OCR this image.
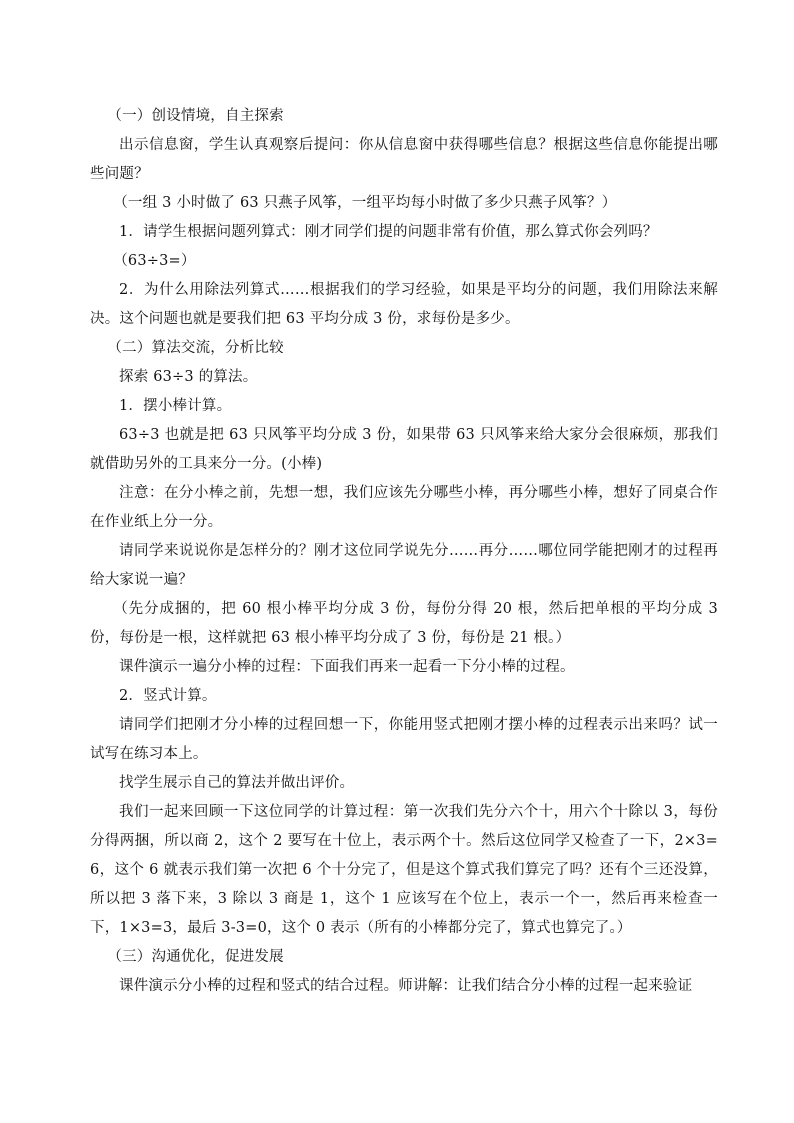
（一）创设情境，自主探索

出示信息窗，学生认真观察后提问：你从信息窗中获得哪些信息？根据这些信息你能提出哪些问题？

（一组 3 小时做了 63 只燕子风筝，一组平均每小时做了多少只燕子风筝？）

1．请学生根据问题列算式：刚才同学们提的问题非常有价值，那么算式你会列吗？

（63÷3=）

2．为什么用除法列算式……根据我们的学习经验，如果是平均分的问题，我们用除法来解决。这个问题也就是要我们把 63 平均分成 3 份，求每份是多少。

（二）算法交流，分析比较

探索 63÷3 的算法。

1．摆小棒计算。

63÷3 也就是把 63 只风筝平均分成 3 份，如果带 63 只风筝来给大家分会很麻烦，那我们就借助另外的工具来分一分。(小棒)

注意：在分小棒之前，先想一想，我们应该先分哪些小棒，再分哪些小棒，想好了同桌合作在作业纸上分一分。

请同学来说说你是怎样分的？刚才这位同学说先分……再分……哪位同学能把刚才的过程再给大家说一遍？

（先分成捆的，把 60 根小棒平均分成 3 份，每份分得 20 根，然后把单根的平均分成 3 份，每份是一根，这样就把 63 根小棒平均分成了 3 份，每份是 21 根。）

课件演示一遍分小棒的过程：下面我们再来一起看一下分小棒的过程。

2．竖式计算。

请同学们把刚才分小棒的过程回想一下，你能用竖式把刚才摆小棒的过程表示出来吗？试一试写在练习本上。

找学生展示自己的算法并做出评价。

我们一起来回顾一下这位同学的计算过程：第一次我们先分六个十，用六个十除以 3，每份分得两捆，所以商 2，这个 2 要写在十位上，表示两个十。然后这位同学又检查了一下，2×3=6，这个 6 就表示我们第一次把 6 个十分完了，但是这个算式我们算完了吗？还有个三还没算，所以把 3 落下来，3 除以 3 商是 1，这个 1 应该写在个位上，表示一个一，然后再来检查一下，1×3=3，最后 3-3=0，这个 0 表示（所有的小棒都分完了，算式也算完了。）

（三）沟通优化，促进发展

课件演示分小棒的过程和竖式的结合过程。师讲解：让我们结合分小棒的过程一起来验证
